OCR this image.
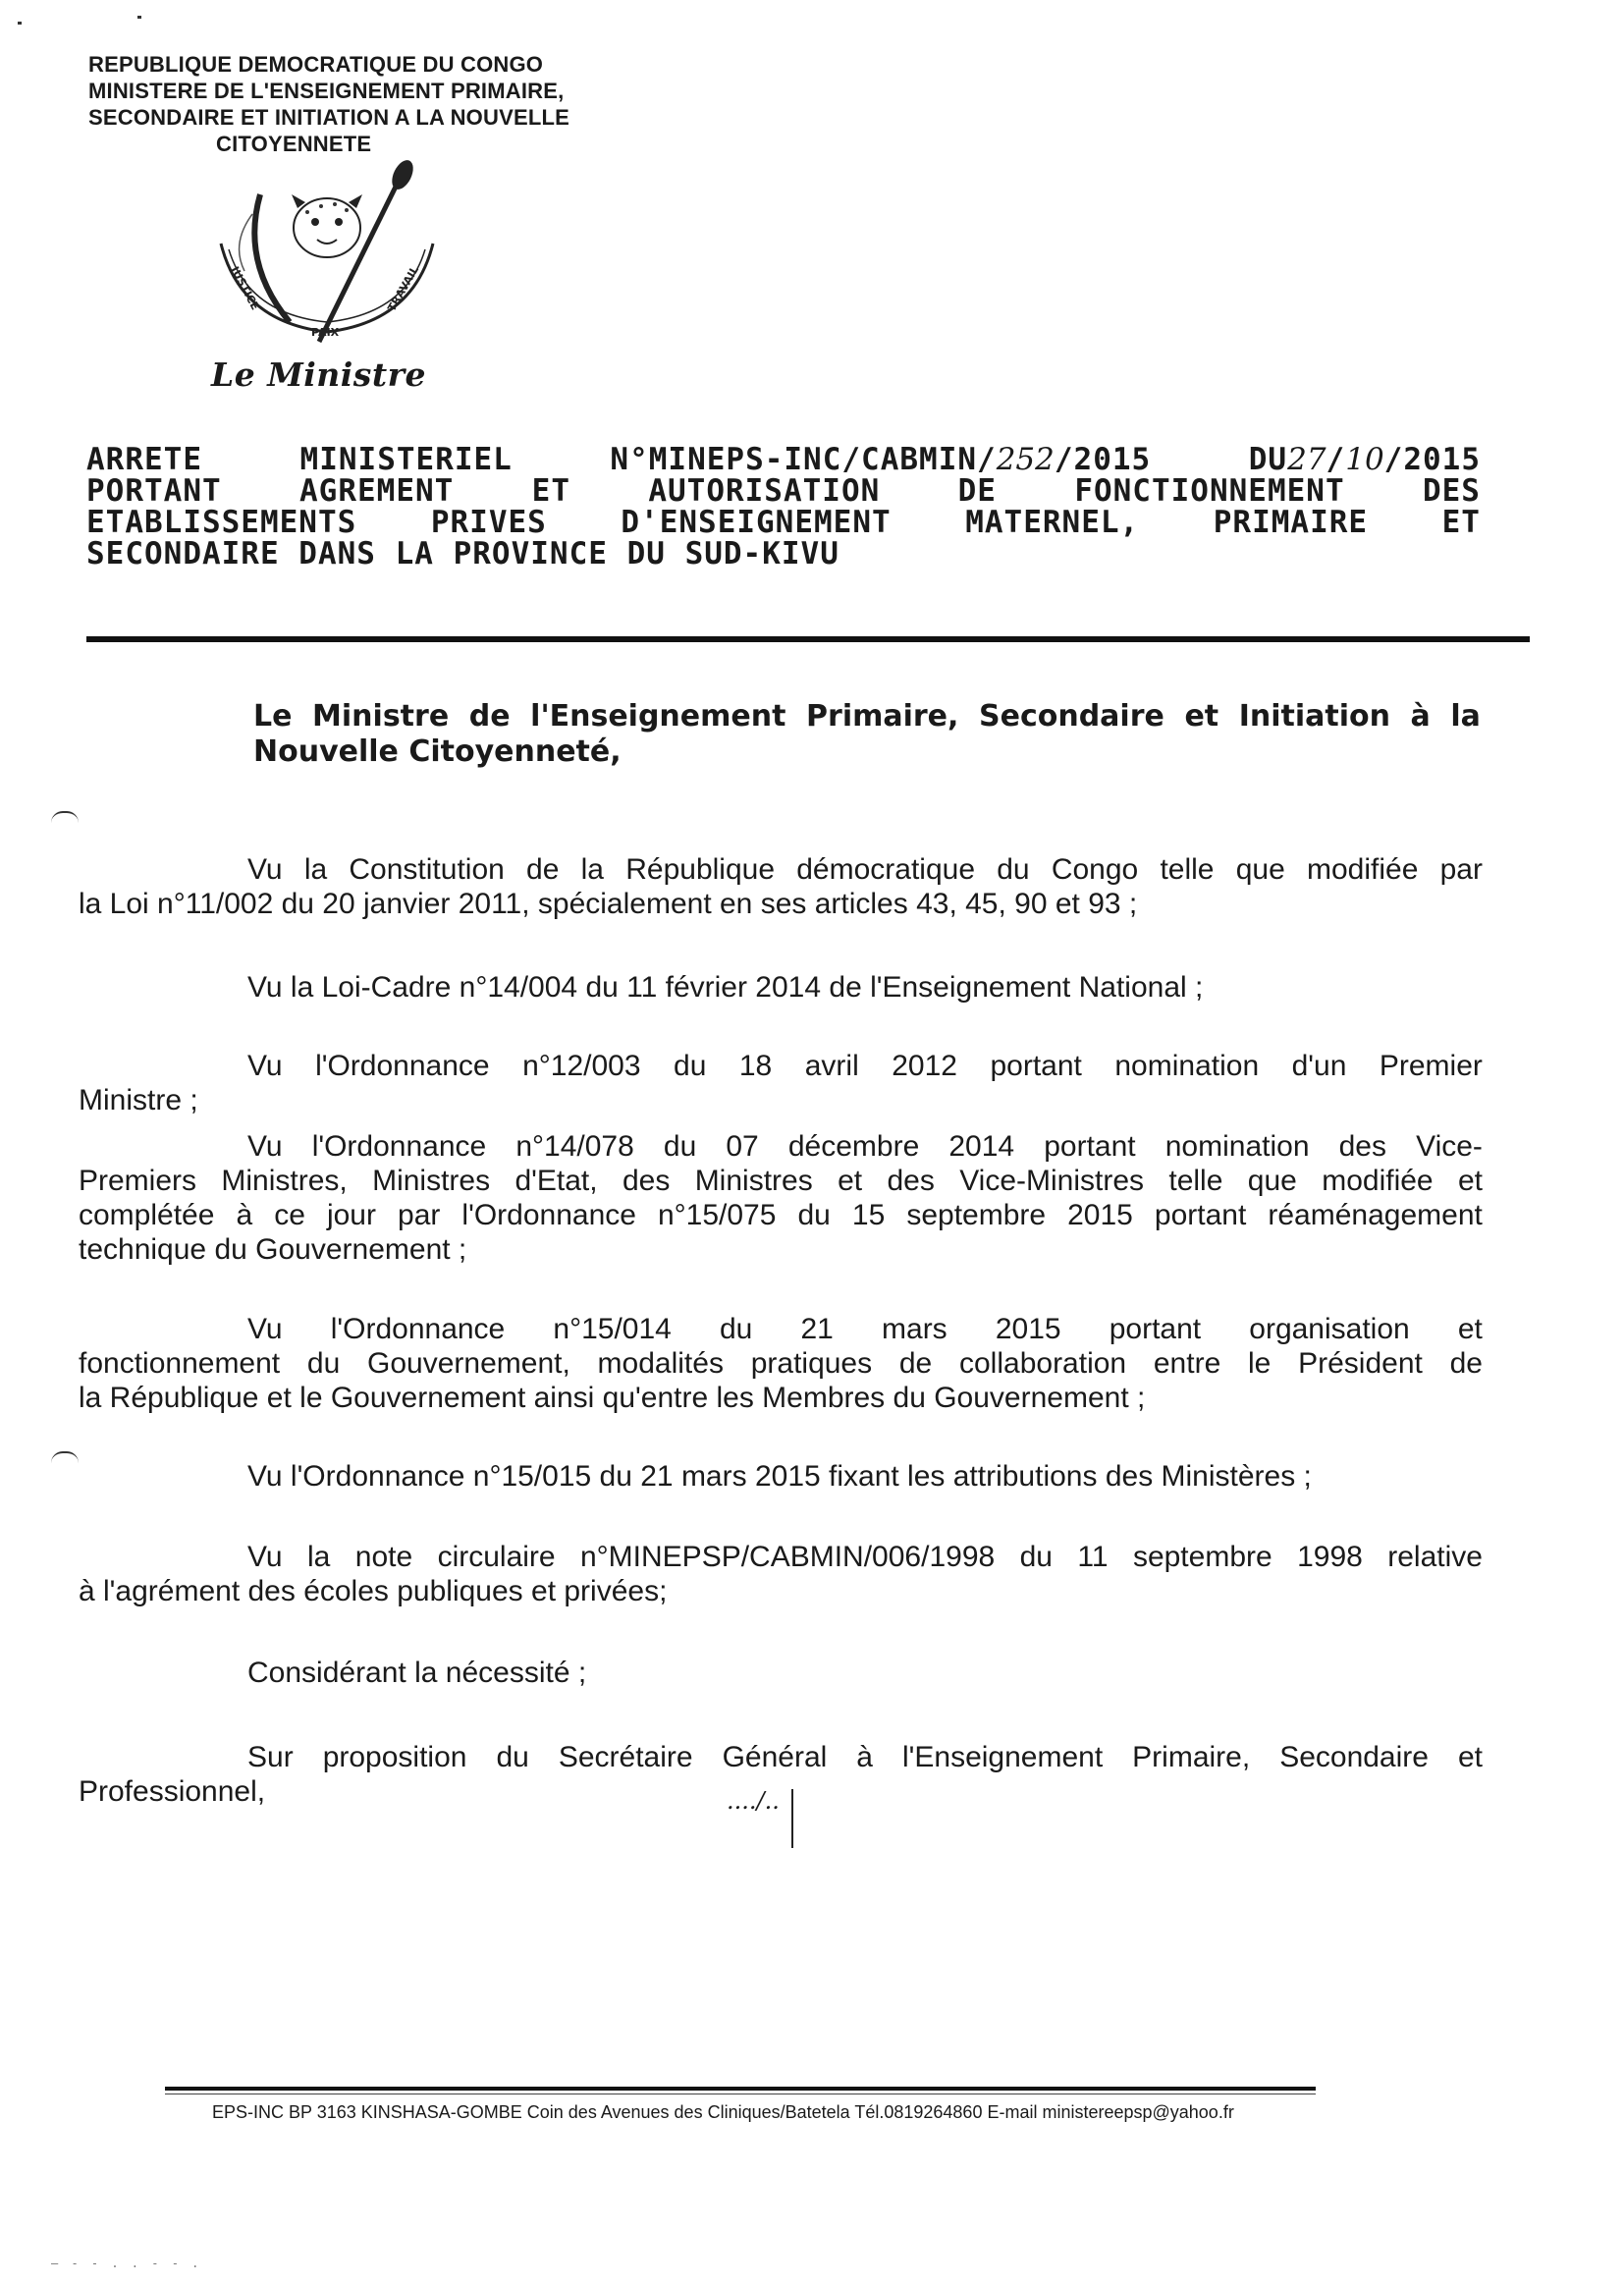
REPUBLIQUE DEMOCRATIQUE DU CONGO
MINISTERE DE L'ENSEIGNEMENT PRIMAIRE,
SECONDAIRE ET INITIATION A LA NOUVELLE
CITOYENNETE
JUSTICE
PAIX
TRAVAIL
Le Ministre
ARRETE	MINISTERIEL	N°MINEPS-INC/CABMIN/252/2015	DU27/10/2015
PORTANT	AGREMENT	ET	AUTORISATION	DE	FONCTIONNEMENT	DES
ETABLISSEMENTS PRIVES D'ENSEIGNEMENT MATERNEL, PRIMAIRE ET
SECONDAIRE DANS LA PROVINCE DU SUD-KIVU
Le Ministre de l'Enseignement Primaire, Secondaire et Initiation à la
Nouvelle Citoyenneté,
Vu la Constitution de la République démocratique du Congo telle que modifiée par
la Loi n°11/002 du 20 janvier 2011, spécialement en ses articles 43, 45, 90 et 93 ;
Vu la Loi-Cadre n°14/004 du 11 février 2014 de l'Enseignement National ;
Vu l'Ordonnance n°12/003 du 18 avril 2012 portant nomination d'un Premier
Ministre ;
Vu l'Ordonnance n°14/078 du 07 décembre 2014 portant nomination des Vice-
Premiers Ministres, Ministres d'Etat, des Ministres et des Vice-Ministres telle que modifiée et
complétée à ce jour par l'Ordonnance n°15/075 du 15 septembre 2015 portant réaménagement
technique du Gouvernement ;
Vu l'Ordonnance n°15/014 du 21 mars 2015 portant organisation et
fonctionnement du Gouvernement, modalités pratiques de collaboration entre le Président de
la République et le Gouvernement ainsi qu'entre les Membres du Gouvernement ;
Vu l'Ordonnance n°15/015 du 21 mars 2015 fixant les attributions des Ministères ;
Vu la note circulaire n°MINEPSP/CABMIN/006/1998 du 11 septembre 1998 relative
à l'agrément des écoles publiques et privées;
Considérant la nécessité ;
Sur proposition du Secrétaire Général à l'Enseignement Primaire, Secondaire et
Professionnel,	..../..
EPS-INC BP 3163 KINSHASA-GOMBE Coin des Avenues des Cliniques/Batetela Tél.0819264860 E-mail ministereepsp@yahoo.fr
— - - . . - - .
